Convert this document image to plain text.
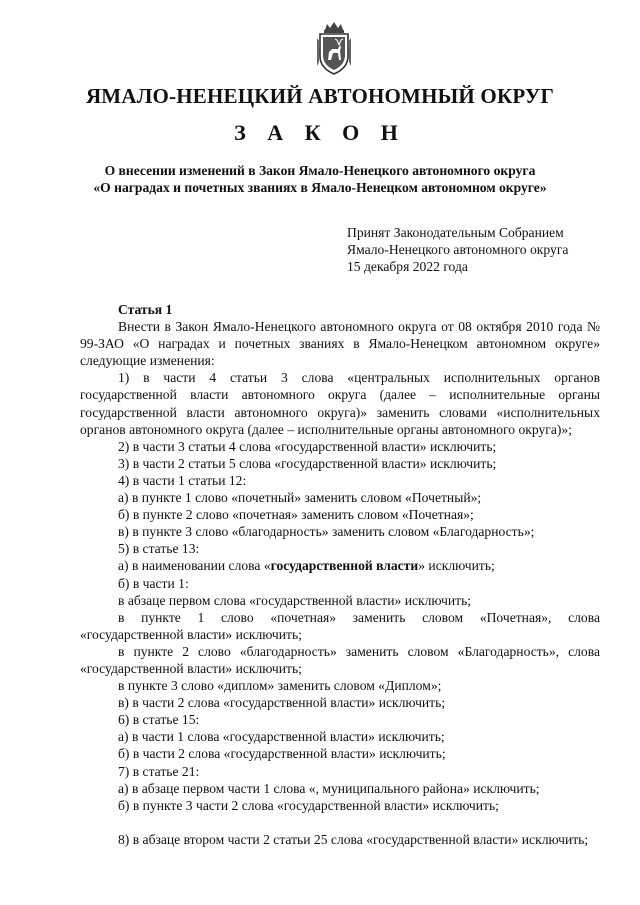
ЯМАЛО-НЕНЕЦКИЙ АВТОНОМНЫЙ ОКРУГ
З А К О Н
О внесении изменений в Закон Ямало-Ненецкого автономного округа
«О наградах и почетных званиях в Ямало-Ненецком автономном округе»
Принят Законодательным Собранием
Ямало-Ненецкого автономного округа
15 декабря 2022 года

Статья 1

Внести в Закон Ямало-Ненецкого автономного округа от 08 октября 2010 года № 99-ЗАО «О наградах и почетных званиях в Ямало-Ненецком автономном округе» следующие изменения:

1) в части 4 статьи 3 слова «центральных исполнительных органов государственной власти автономного округа (далее – исполнительные органы государственной власти автономного округа)» заменить словами «исполнительных органов автономного округа (далее – исполнительные органы автономного округа)»;

2) в части 3 статьи 4 слова «государственной власти» исключить;

3) в части 2 статьи 5 слова «государственной власти» исключить;

4) в части 1 статьи 12:

а) в пункте 1 слово «почетный» заменить словом «Почетный»;

б) в пункте 2 слово «почетная» заменить словом «Почетная»;

в) в пункте 3 слово «благодарность» заменить словом «Благодарность»;

5) в статье 13:

а) в наименовании слова «государственной власти» исключить;

б) в части 1:

в абзаце первом слова «государственной власти» исключить;

в пункте 1 слово «почетная» заменить словом «Почетная», слова «государственной власти» исключить;

в пункте 2 слово «благодарность» заменить словом «Благодарность», слова «государственной власти» исключить;

в пункте 3 слово «диплом» заменить словом «Диплом»;

в) в части 2 слова «государственной власти» исключить;

6) в статье 15:

а) в части 1 слова «государственной власти» исключить;

б) в части 2 слова «государственной власти» исключить;

7) в статье 21:

а) в абзаце первом части 1 слова «, муниципального района» исключить;

б) в пункте 3 части 2 слова «государственной власти» исключить;

8) в абзаце втором части 2 статьи 25 слова «государственной власти» исключить;
